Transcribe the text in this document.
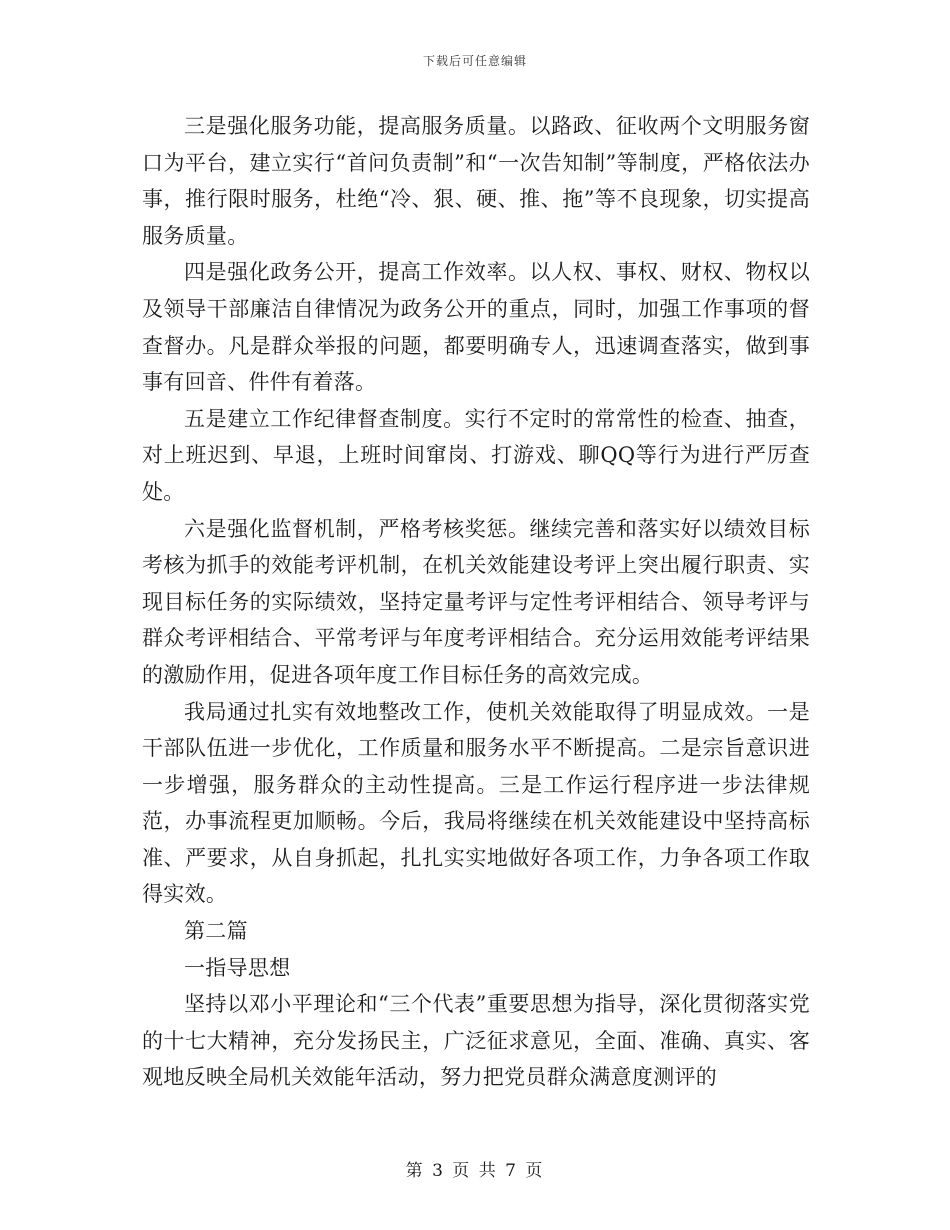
下载后可任意编辑

三是强化服务功能，提高服务质量。以路政、征收两个文明服务窗口为平台，建立实行“首问负责制”和“一次告知制”等制度，严格依法办事，推行限时服务，杜绝“冷、狠、硬、推、拖”等不良现象，切实提高服务质量。

四是强化政务公开，提高工作效率。以人权、事权、财权、物权以及领导干部廉洁自律情况为政务公开的重点，同时，加强工作事项的督查督办。凡是群众举报的问题，都要明确专人，迅速调查落实，做到事事有回音、件件有着落。

五是建立工作纪律督查制度。实行不定时的常常性的检查、抽查，对上班迟到、早退，上班时间窜岗、打游戏、聊QQ等行为进行严厉查处。

六是强化监督机制，严格考核奖惩。继续完善和落实好以绩效目标考核为抓手的效能考评机制，在机关效能建设考评上突出履行职责、实现目标任务的实际绩效，坚持定量考评与定性考评相结合、领导考评与群众考评相结合、平常考评与年度考评相结合。充分运用效能考评结果的激励作用，促进各项年度工作目标任务的高效完成。

我局通过扎实有效地整改工作，使机关效能取得了明显成效。一是干部队伍进一步优化，工作质量和服务水平不断提高。二是宗旨意识进一步增强，服务群众的主动性提高。三是工作运行程序进一步法律规范，办事流程更加顺畅。今后，我局将继续在机关效能建设中坚持高标准、严要求，从自身抓起，扎扎实实地做好各项工作，力争各项工作取得实效。

第二篇

一指导思想

坚持以邓小平理论和“三个代表”重要思想为指导，深化贯彻落实党的十七大精神，充分发扬民主，广泛征求意见，全面、准确、真实、客观地反映全局机关效能年活动，努力把党员群众满意度测评的

第 3 页 共 7 页
